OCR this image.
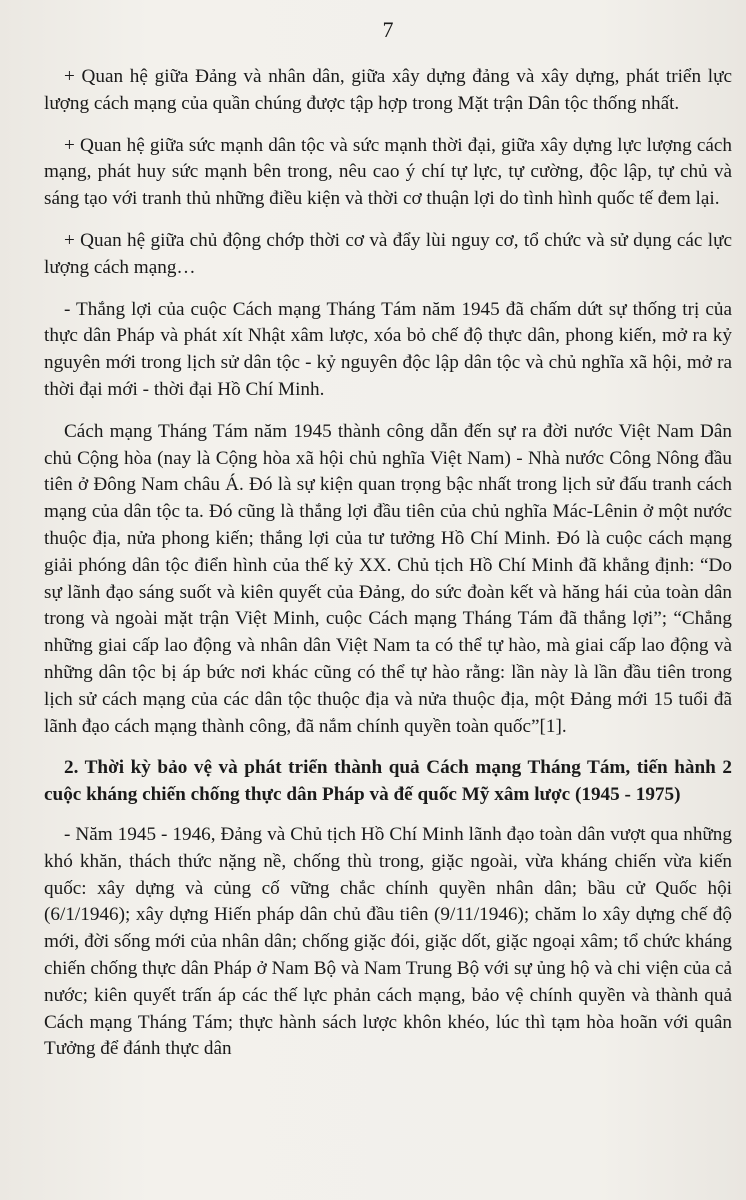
7

+ Quan hệ giữa Đảng và nhân dân, giữa xây dựng đảng và xây dựng, phát triển lực lượng cách mạng của quần chúng được tập hợp trong Mặt trận Dân tộc thống nhất.

+ Quan hệ giữa sức mạnh dân tộc và sức mạnh thời đại, giữa xây dựng lực lượng cách mạng, phát huy sức mạnh bên trong, nêu cao ý chí tự lực, tự cường, độc lập, tự chủ và sáng tạo với tranh thủ những điều kiện và thời cơ thuận lợi do tình hình quốc tế đem lại.

+ Quan hệ giữa chủ động chớp thời cơ và đẩy lùi nguy cơ, tổ chức và sử dụng các lực lượng cách mạng…

- Thắng lợi của cuộc Cách mạng Tháng Tám năm 1945 đã chấm dứt sự thống trị của thực dân Pháp và phát xít Nhật xâm lược, xóa bỏ chế độ thực dân, phong kiến, mở ra kỷ nguyên mới trong lịch sử dân tộc - kỷ nguyên độc lập dân tộc và chủ nghĩa xã hội, mở ra thời đại mới - thời đại Hồ Chí Minh.

Cách mạng Tháng Tám năm 1945 thành công dẫn đến sự ra đời nước Việt Nam Dân chủ Cộng hòa (nay là Cộng hòa xã hội chủ nghĩa Việt Nam) - Nhà nước Công Nông đầu tiên ở Đông Nam châu Á. Đó là sự kiện quan trọng bậc nhất trong lịch sử đấu tranh cách mạng của dân tộc ta. Đó cũng là thắng lợi đầu tiên của chủ nghĩa Mác-Lênin ở một nước thuộc địa, nửa phong kiến; thắng lợi của tư tưởng Hồ Chí Minh. Đó là cuộc cách mạng giải phóng dân tộc điển hình của thế kỷ XX. Chủ tịch Hồ Chí Minh đã khẳng định: “Do sự lãnh đạo sáng suốt và kiên quyết của Đảng, do sức đoàn kết và hăng hái của toàn dân trong và ngoài mặt trận Việt Minh, cuộc Cách mạng Tháng Tám đã thắng lợi”; “Chẳng những giai cấp lao động và nhân dân Việt Nam ta có thể tự hào, mà giai cấp lao động và những dân tộc bị áp bức nơi khác cũng có thể tự hào rằng: lần này là lần đầu tiên trong lịch sử cách mạng của các dân tộc thuộc địa và nửa thuộc địa, một Đảng mới 15 tuổi đã lãnh đạo cách mạng thành công, đã nắm chính quyền toàn quốc”[1].

2. Thời kỳ bảo vệ và phát triển thành quả Cách mạng Tháng Tám, tiến hành 2 cuộc kháng chiến chống thực dân Pháp và đế quốc Mỹ xâm lược (1945 - 1975)

- Năm 1945 - 1946, Đảng và Chủ tịch Hồ Chí Minh lãnh đạo toàn dân vượt qua những khó khăn, thách thức nặng nề, chống thù trong, giặc ngoài, vừa kháng chiến vừa kiến quốc: xây dựng và củng cố vững chắc chính quyền nhân dân; bầu cử Quốc hội (6/1/1946); xây dựng Hiến pháp dân chủ đầu tiên (9/11/1946); chăm lo xây dựng chế độ mới, đời sống mới của nhân dân; chống giặc đói, giặc dốt, giặc ngoại xâm; tổ chức kháng chiến chống thực dân Pháp ở Nam Bộ và Nam Trung Bộ với sự ủng hộ và chi viện của cả nước; kiên quyết trấn áp các thế lực phản cách mạng, bảo vệ chính quyền và thành quả Cách mạng Tháng Tám; thực hành sách lược khôn khéo, lúc thì tạm hòa hoãn với quân Tưởng để đánh thực dân
